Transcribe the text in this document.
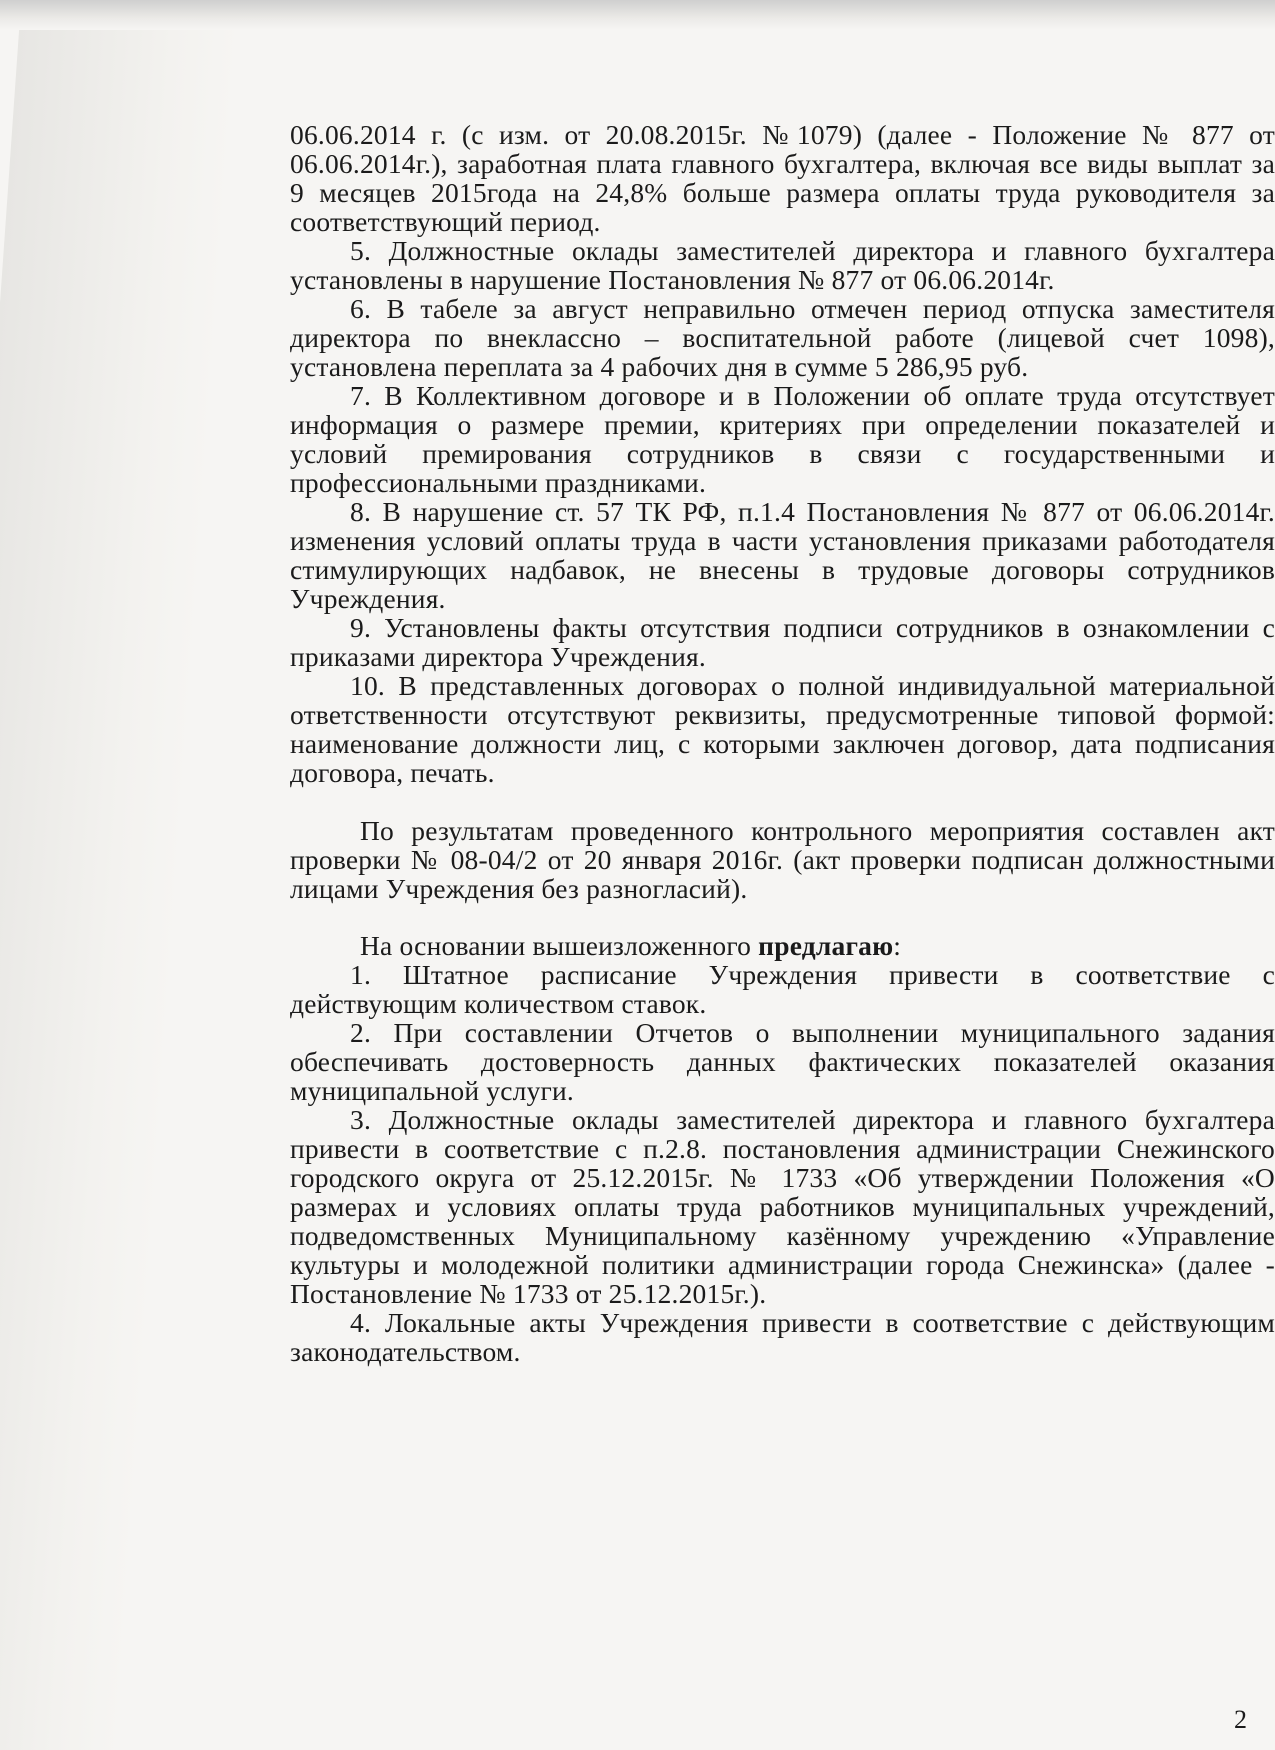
06.06.2014 г. (с изм. от 20.08.2015г. №1079) (далее - Положение № 877 от 06.06.2014г.), заработная плата главного бухгалтера, включая все виды выплат за 9 месяцев 2015года на 24,8% больше размера оплаты труда руководителя за соответствующий период.

5. Должностные оклады заместителей директора и главного бухгалтера установлены в нарушение Постановления № 877 от 06.06.2014г.

6. В табеле за август неправильно отмечен период отпуска заместителя директора по внеклассно – воспитательной работе (лицевой счет 1098), установлена переплата за 4 рабочих дня в сумме 5 286,95 руб.

7. В Коллективном договоре и в Положении об оплате труда отсутствует информация о размере премии, критериях при определении показателей и условий премирования сотрудников в связи с государственными и профессиональными праздниками.

8. В нарушение ст. 57 ТК РФ, п.1.4 Постановления № 877 от 06.06.2014г. изменения условий оплаты труда в части установления приказами работодателя стимулирующих надбавок, не внесены в трудовые договоры сотрудников Учреждения.

9. Установлены факты отсутствия подписи сотрудников в ознакомлении с приказами директора Учреждения.

10. В представленных договорах о полной индивидуальной материальной ответственности отсутствуют реквизиты, предусмотренные типовой формой: наименование должности лиц, с которыми заключен договор, дата подписания договора, печать.

По результатам проведенного контрольного мероприятия составлен акт проверки № 08-04/2 от 20 января 2016г. (акт проверки подписан должностными лицами Учреждения без разногласий).

На основании вышеизложенного предлагаю:

1. Штатное расписание Учреждения привести в соответствие с действующим количеством ставок.

2. При составлении Отчетов о выполнении муниципального задания обеспечивать достоверность данных фактических показателей оказания муниципальной услуги.

3. Должностные оклады заместителей директора и главного бухгалтера привести в соответствие с п.2.8. постановления администрации Снежинского городского округа от 25.12.2015г. № 1733 «Об утверждении Положения «О размерах и условиях оплаты труда работников муниципальных учреждений, подведомственных Муниципальному казённому учреждению «Управление культуры и молодежной политики администрации города Снежинска» (далее - Постановление № 1733 от 25.12.2015г.).

4. Локальные акты Учреждения привести в соответствие с действующим законодательством.

2
